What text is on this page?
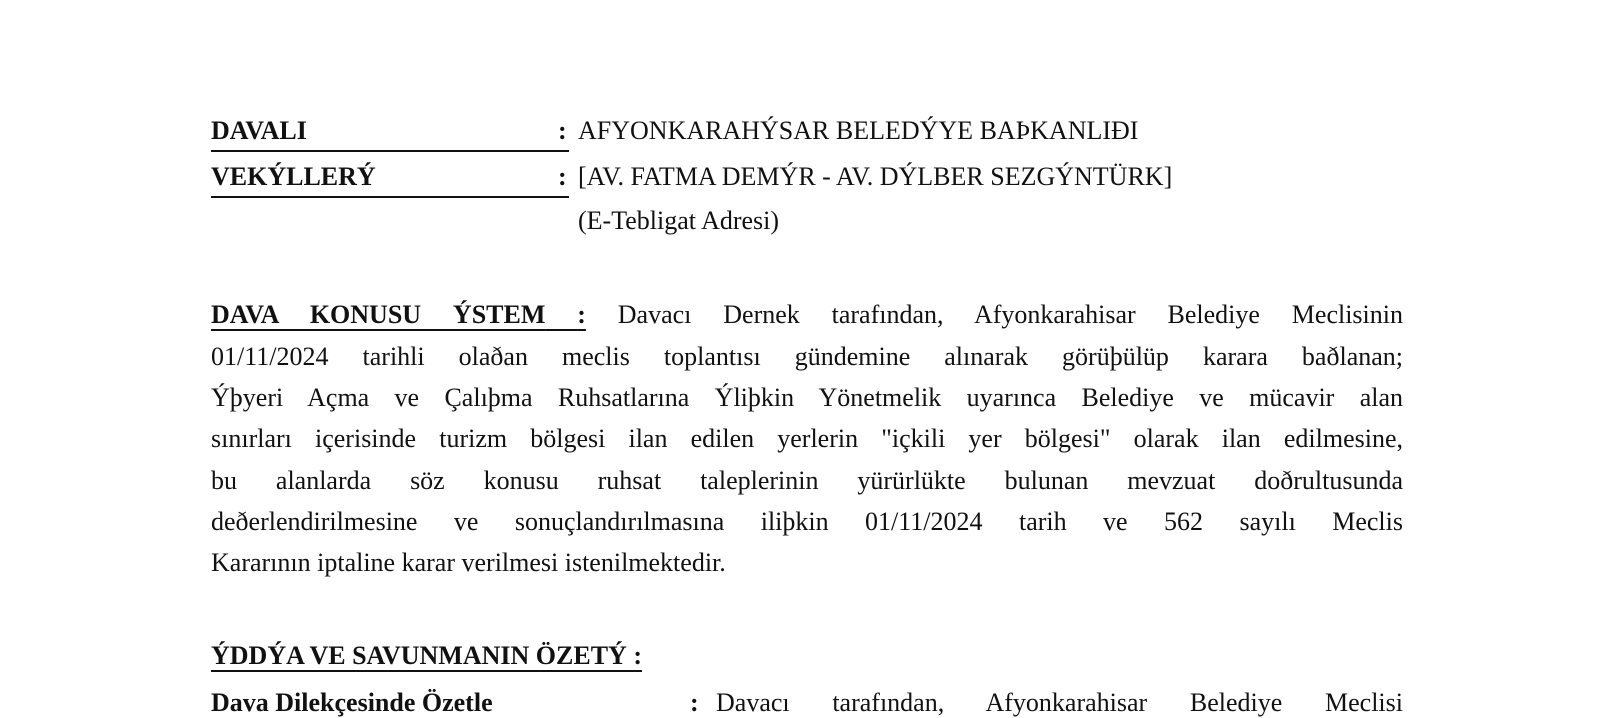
DAVALI	: AFYONKARAHÝSAR BELEDÝYE BAÞKANLIÐI
VEKÝLLERÝ	: [AV. FATMA DEMÝR - AV. DÝLBER SEZGÝNTÜRK]
(E-Tebligat Adresi)
DAVA KONUSU ÝSTEM : Davacı Dernek tarafından, Afyonkarahisar Belediye Meclisinin
01/11/2024 tarihli olaðan meclis toplantısı gündemine alınarak görüþülüp karara baðlanan;
Ýþyeri Açma ve Çalıþma Ruhsatlarına Ýliþkin Yönetmelik uyarınca Belediye ve mücavir alan
sınırları içerisinde turizm bölgesi ilan edilen yerlerin "içkili yer bölgesi" olarak ilan edilmesine,
bu alanlarda söz konusu ruhsat taleplerinin yürürlükte bulunan mevzuat doðrultusunda
deðerlendirilmesine ve sonuçlandırılmasına iliþkin 01/11/2024 tarih ve 562 sayılı Meclis
Kararının iptaline karar verilmesi istenilmektedir.
ÝDDÝA VE SAVUNMANIN ÖZETÝ :
Dava Dilekçesinde Özetle	: Davacı tarafından, Afyonkarahisar Belediye Meclisi
